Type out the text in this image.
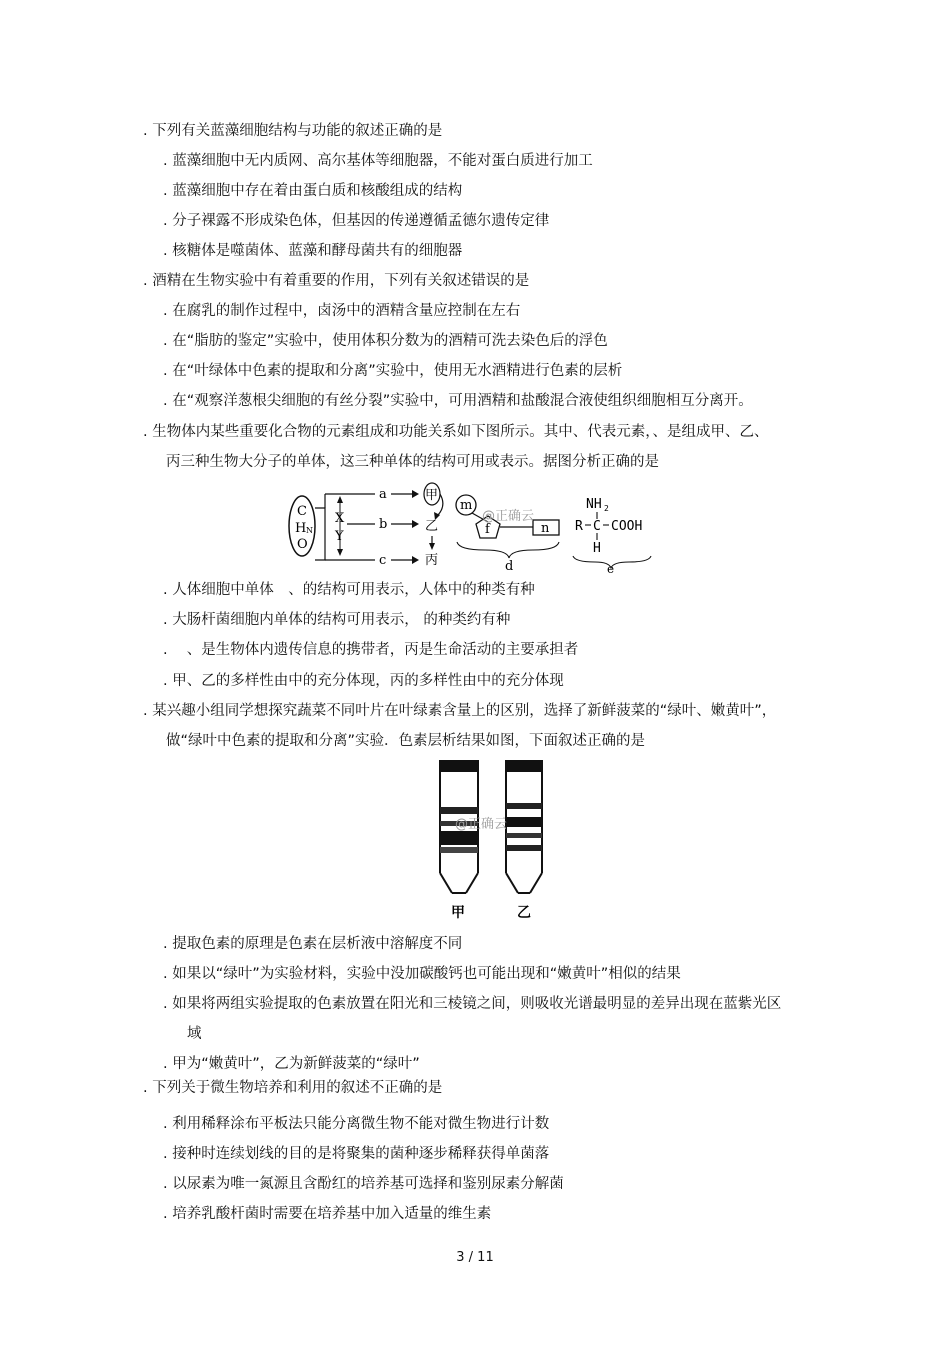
. 下列有关蓝藻细胞结构与功能的叙述正确的是
. 蓝藻细胞中无内质网、高尔基体等细胞器，不能对蛋白质进行加工
. 蓝藻细胞中存在着由蛋白质和核酸组成的结构
. 分子裸露不形成染色体，但基因的传递遵循孟德尔遗传定律
. 核糖体是噬菌体、蓝藻和酵母菌共有的细胞器
. 酒精在生物实验中有着重要的作用，下列有关叙述错误的是
. 在腐乳的制作过程中，卤汤中的酒精含量应控制在左右
. 在“脂肪的鉴定”实验中，使用体积分数为的酒精可洗去染色后的浮色
. 在“叶绿体中色素的提取和分离”实验中，使用无水酒精进行色素的层析
. 在“观察洋葱根尖细胞的有丝分裂”实验中，可用酒精和盐酸混合液使组织细胞相互分离开。
. 生物体内某些重要化合物的元素组成和功能关系如下图所示。其中、代表元素，、是组成甲、乙、
丙三种生物大分子的单体，这三种单体的结构可用或表示。据图分析正确的是
C
H N
O
X
Y
a
b
c
甲
乙
丙
m
f	n
d
@正确云
NH 2
R C COOH
H
e
. 人体细胞中单体　、的结构可用表示，人体中的种类有种
. 大肠杆菌细胞内单体的结构可用表示， 的种类约有种
. 　、是生物体内遗传信息的携带者，丙是生命活动的主要承担者
. 甲、乙的多样性由中的充分体现，丙的多样性由中的充分体现
. 某兴趣小组同学想探究蔬菜不同叶片在叶绿素含量上的区别，选择了新鲜菠菜的“绿叶、嫩黄叶”，
做“绿叶中色素的提取和分离”实验．色素层析结果如图，下面叙述正确的是
@正确云
甲	乙
. 提取色素的原理是色素在层析液中溶解度不同
. 如果以“绿叶”为实验材料，实验中没加碳酸钙也可能出现和“嫩黄叶”相似的结果
. 如果将两组实验提取的色素放置在阳光和三棱镜之间，则吸收光谱最明显的差异出现在蓝紫光区
域
. 甲为“嫩黄叶”，乙为新鲜菠菜的“绿叶”
. 下列关于微生物培养和利用的叙述不正确的是
. 利用稀释涂布平板法只能分离微生物不能对微生物进行计数
. 接种时连续划线的目的是将聚集的菌种逐步稀释获得单菌落
. 以尿素为唯一氮源且含酚红的培养基可选择和鉴别尿素分解菌
. 培养乳酸杆菌时需要在培养基中加入适量的维生素
3 / 11
